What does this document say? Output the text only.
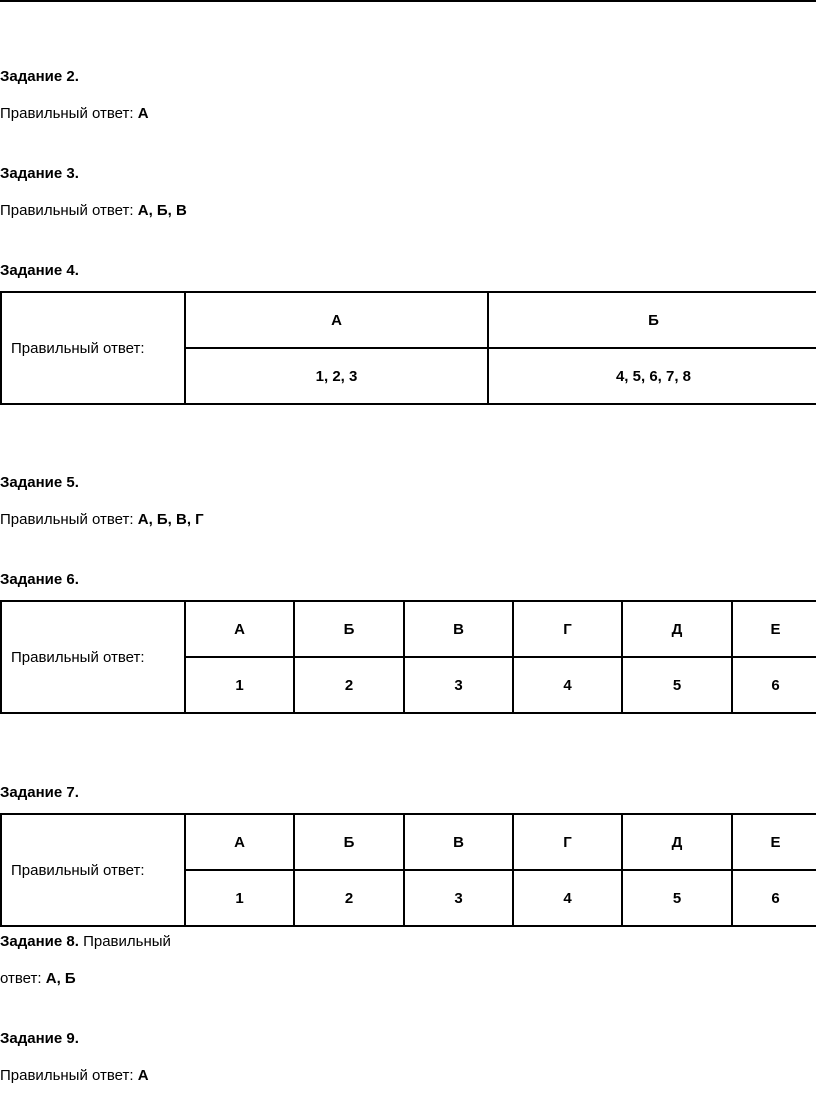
Задание 2.
Правильный ответ: А
Задание 3.
Правильный ответ: А, Б, В
Задание 4.
Правильный ответ:	А	Б
	1, 2, 3	4, 5, 6, 7, 8
Задание 5.
Правильный ответ: А, Б, В, Г
Задание 6.
Правильный ответ:	А	Б	В	Г	Д	Е
	1	2	3	4	5	6
Задание 7.
Правильный ответ:	А	Б	В	Г	Д	Е
	1	2	3	4	5	6
Задание 8. Правильный
ответ: А, Б
Задание 9.
Правильный ответ: А
